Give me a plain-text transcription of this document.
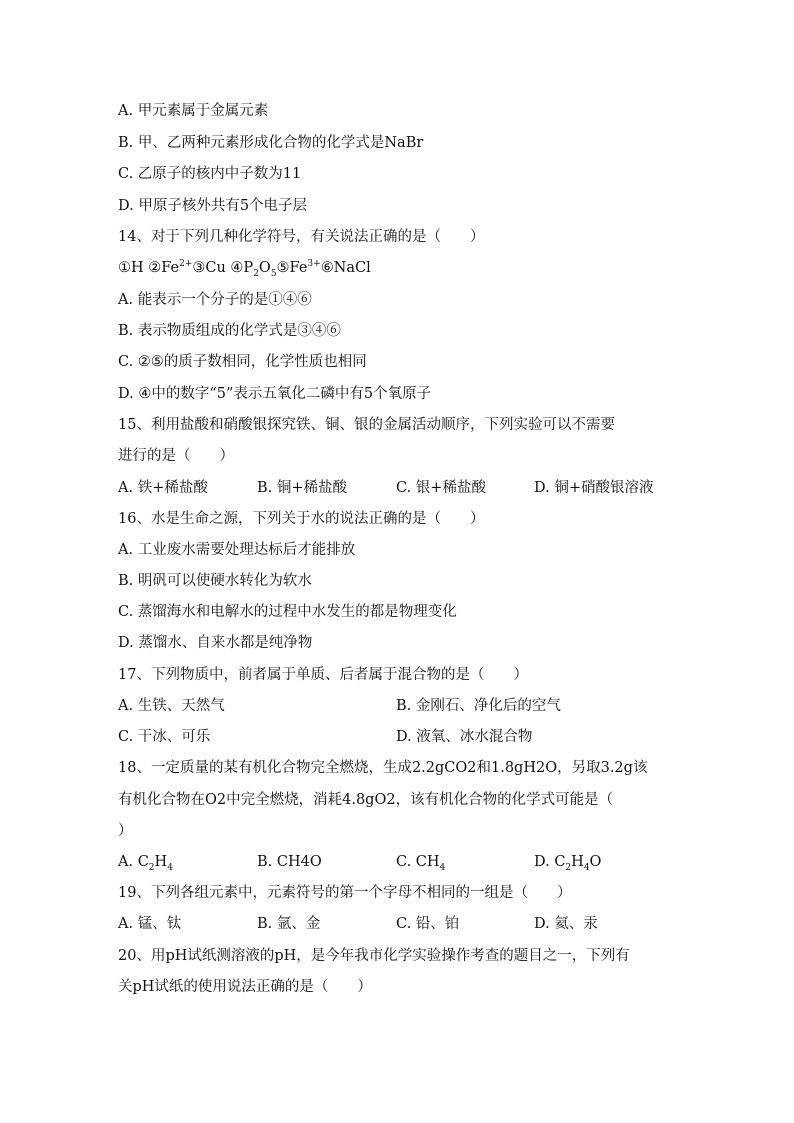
A. 甲元素属于金属元素
B. 甲、乙两种元素形成化合物的化学式是NaBr
C. 乙原子的核内中子数为11
D. 甲原子核外共有5个电子层
14、对于下列几种化学符号，有关说法正确的是（　　）
①H $②Fe^{2+}③Cu$ $④P_2O_5⑤Fe^{3+}⑥NaCl$
A. 能表示一个分子的是①④⑥
B. 表示物质组成的化学式是③④⑥
C. ②⑤的质子数相同，化学性质也相同
D. ④中的数字“5”表示五氧化二磷中有5个氧原子
15、利用盐酸和硝酸银探究铁、铜、银的金属活动顺序，下列实验可以不需要
进行的是（　　）
A. 铁+稀盐酸	B. 铜+稀盐酸	C. 银+稀盐酸	D. 铜+硝酸银溶液
16、水是生命之源，下列关于水的说法正确的是（　　）
A. 工业废水需要处理达标后才能排放
B. 明矾可以使硬水转化为软水
C. 蒸馏海水和电解水的过程中水发生的都是物理变化
D. 蒸馏水、自来水都是纯净物
17、下列物质中，前者属于单质、后者属于混合物的是（　　）
A. 生铁、天然气	B. 金刚石、净化后的空气
C. 干冰、可乐	D. 液氧、冰水混合物
18、一定质量的某有机化合物完全燃烧，生成2.2gCO2和1.8gH2O，另取3.2g该
有机化合物在O2中完全燃烧，消耗4.8gO2，该有机化合物的化学式可能是（
）
A. $C_2H_4$	B. CH4O	C. $CH_4$	D. $C_2H_4O$
19、下列各组元素中，元素符号的第一个字母不相同的一组是（　　）
A. 锰、钛	B. 氩、金	C. 铅、铂	D. 氦、汞
20、用pH试纸测溶液的pH，是今年我市化学实验操作考查的题目之一，下列有
关pH试纸的使用说法正确的是（　　）
